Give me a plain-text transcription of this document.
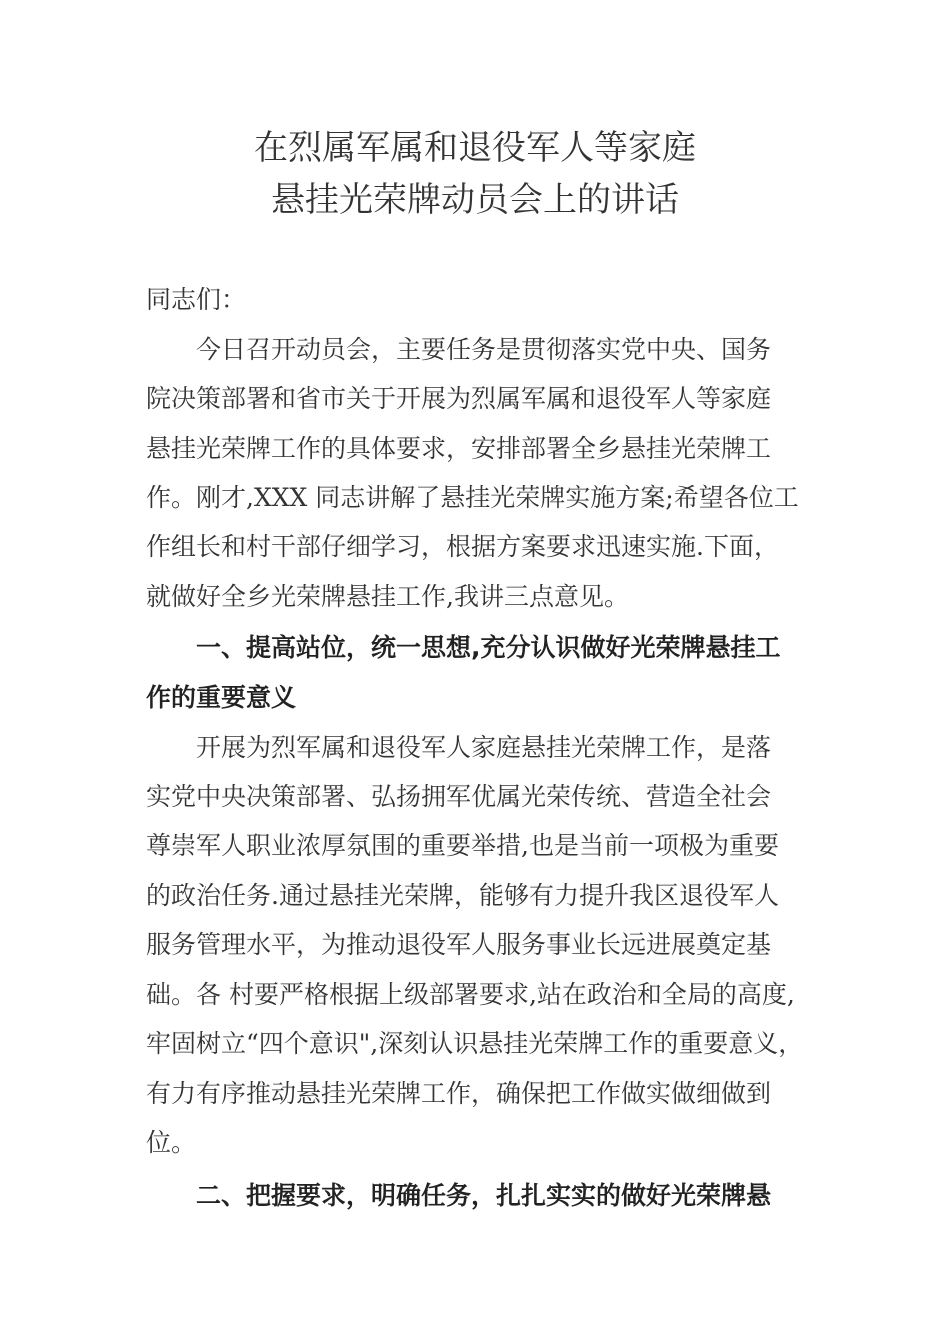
在烈属军属和退役军人等家庭
悬挂光荣牌动员会上的讲话
同志们：
今日召开动员会，主要任务是贯彻落实党中央、国务
院决策部署和省市关于开展为烈属军属和退役军人等家庭
悬挂光荣牌工作的具体要求，安排部署全乡悬挂光荣牌工
作。刚才,XXX 同志讲解了悬挂光荣牌实施方案;希望各位工
作组长和村干部仔细学习，根据方案要求迅速实施.下面，
就做好全乡光荣牌悬挂工作,我讲三点意见。
一、提高站位，统一思想,充分认识做好光荣牌悬挂工
作的重要意义
开展为烈军属和退役军人家庭悬挂光荣牌工作，是落
实党中央决策部署、弘扬拥军优属光荣传统、营造全社会
尊崇军人职业浓厚氛围的重要举措,也是当前一项极为重要
的政治任务.通过悬挂光荣牌，能够有力提升我区退役军人
服务管理水平，为推动退役军人服务事业长远进展奠定基
础。各 村要严格根据上级部署要求,站在政治和全局的高度,
牢固树立“四个意识",深刻认识悬挂光荣牌工作的重要意义，
有力有序推动悬挂光荣牌工作，确保把工作做实做细做到
位。
二、把握要求，明确任务，扎扎实实的做好光荣牌悬
